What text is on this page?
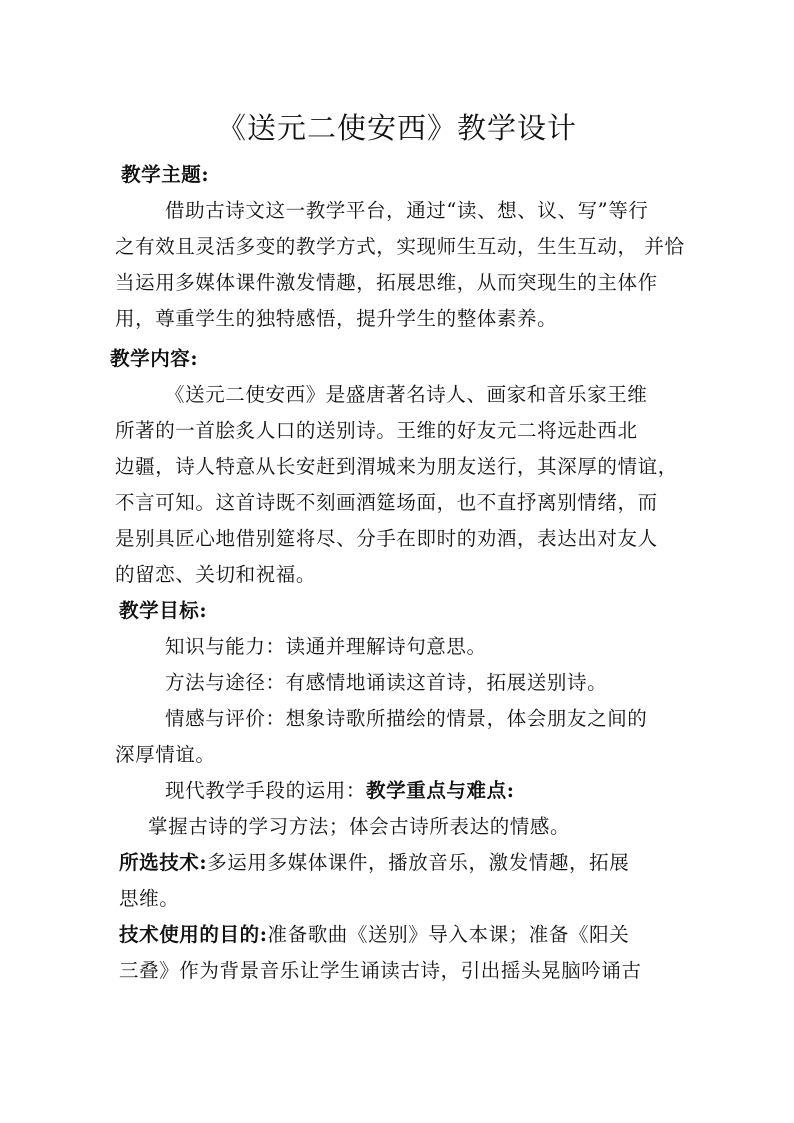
《送元二使安西》教学设计
教学主题:
借助古诗文这一教学平台，通过“读、想、议、写”等行
之有效且灵活多变的教学方式，实现师生互动，生生互动， 并恰
当运用多媒体课件激发情趣，拓展思维，从而突现生的主体作
用，尊重学生的独特感悟，提升学生的整体素养。
教学内容:
《送元二使安西》是盛唐著名诗人、画家和音乐家王维
所著的一首脍炙人口的送别诗。王维的好友元二将远赴西北
边疆，诗人特意从长安赶到渭城来为朋友送行，其深厚的情谊，
不言可知。这首诗既不刻画酒筵场面，也不直抒离别情绪，而
是别具匠心地借别筵将尽、分手在即时的劝酒，表达出对友人
的留恋、关切和祝福。
教学目标:
知识与能力：读通并理解诗句意思。
方法与途径：有感情地诵读这首诗，拓展送别诗。
情感与评价：想象诗歌所描绘的情景，体会朋友之间的
深厚情谊。
现代教学手段的运用：教学重点与难点:
掌握古诗的学习方法；体会古诗所表达的情感。
所选技术:多运用多媒体课件，播放音乐，激发情趣，拓展
思维。
技术使用的目的:准备歌曲《送别》导入本课；准备《阳关
三叠》作为背景音乐让学生诵读古诗，引出摇头晃脑吟诵古
